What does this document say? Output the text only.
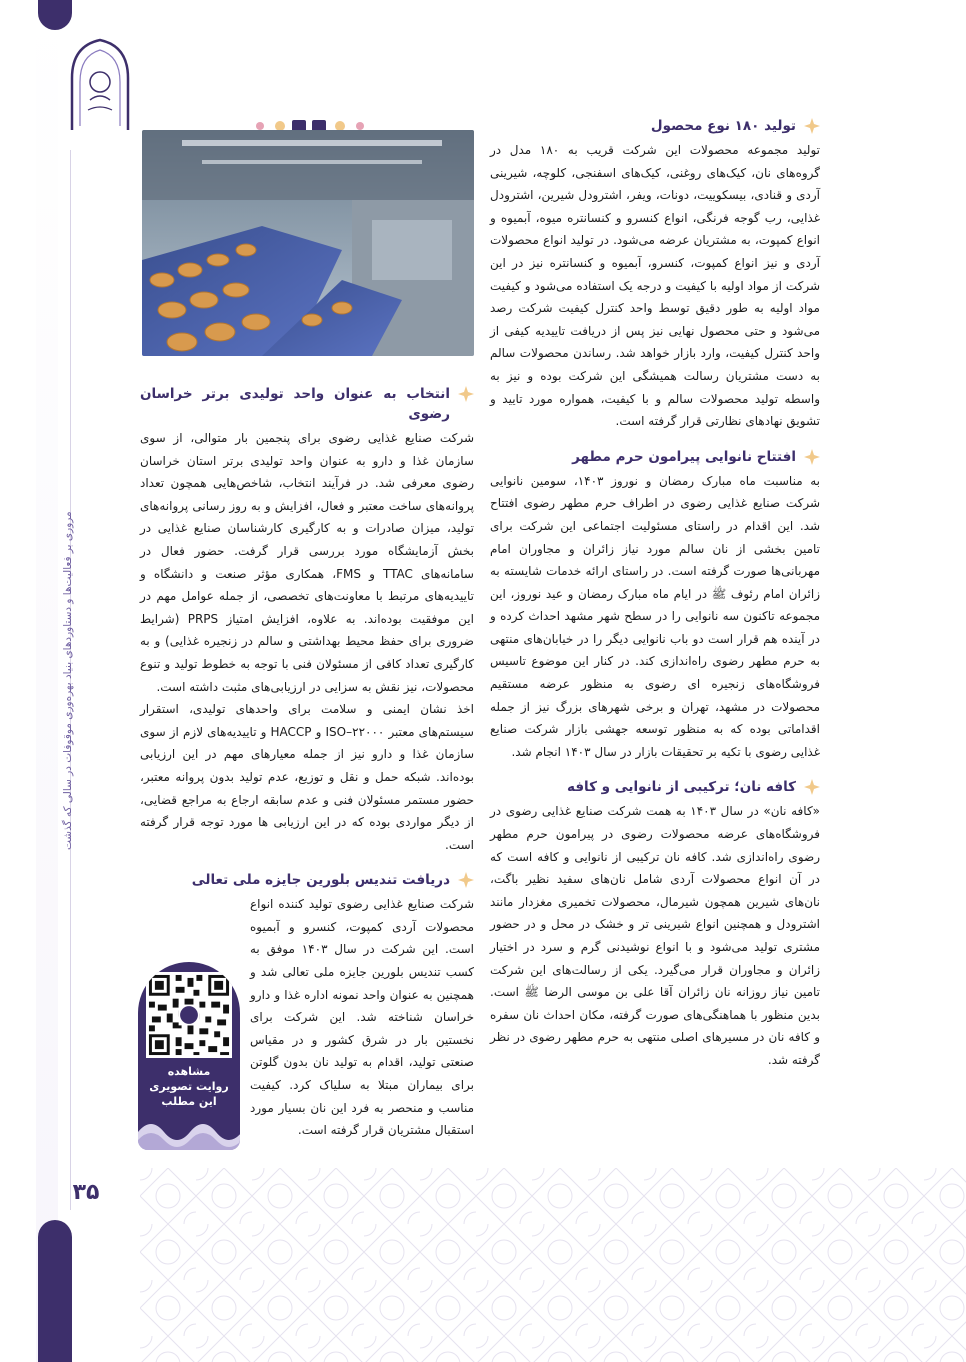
مروری بر فعالیت‌ها و دستاوردهای بنیاد بهره‌وری موقوفات در سالی که گذشت
۳۵
تولید ۱۸۰ نوع محصول

تولید مجموعه محصولات این شرکت قریب به ۱۸۰ مدل در گروه‌های نان، کیک‌های روغنی، کیک‌های اسفنجی، کلوچه، شیرینی آردی و قنادی، بیسکوییت، دونات، ویفر، اشترودل شیرین، اشترودل غذایی، رب گوجه فرنگی، انواع کنسرو و کنسانتره میوه، آبمیوه و انواع کمپوت، به مشتریان عرضه می‌شود. در تولید انواع محصولات آردی و نیز انواع کمپوت، کنسرو، آبمیوه و کنسانتره نیز در این شرکت از مواد اولیه با کیفیت و درجه یک استفاده می‌شود و کیفیت مواد اولیه به طور دقیق توسط واحد کنترل کیفیت شرکت رصد می‌شود و حتی محصول نهایی نیز پس از دریافت تاییدیه کیفی از واحد کنترل کیفیت، وارد بازار خواهد شد. رساندن محصولات سالم به دست مشتریان رسالت همیشگی این شرکت بوده و نیز به واسطه تولید محصولات سالم و با کیفیت، همواره مورد تایید و تشویق نهادهای نظارتی قرار گرفته است.

افتتاح نانوایی پیرامون حرم مطهر

به مناسبت ماه مبارک رمضان و نوروز ۱۴۰۳، سومین نانوایی شرکت صنایع غذایی رضوی در اطراف حرم مطهر رضوی افتتاح شد. این اقدام در راستای مسئولیت اجتماعی این شرکت برای تامین بخشی از نان سالم مورد نیاز زائران و مجاوران امام مهربانی‌ها صورت گرفته است. در راستای ارائه خدمات شایسته به زائران امام رئوف ﷺ در ایام ماه مبارک رمضان و عید نوروز، این مجموعه تاکنون سه نانوایی را در سطح شهر مشهد احداث کرده و در آینده هم قرار است دو باب نانوایی دیگر را در خیابان‌های منتهی به حرم مطهر رضوی راه‌اندازی کند. در کنار این موضوع تاسیس فروشگاه‌های زنجیره ای رضوی به منظور عرضه مستقیم محصولات در مشهد، تهران و برخی شهرهای بزرگ نیز از جمله اقداماتی بوده که به منظور توسعه جهشی بازار شرکت صنایع غذایی رضوی با تکیه بر تحقیقات بازار در سال ۱۴۰۳ انجام شد.

کافه نان؛ ترکیبی از نانوایی و کافه

«کافه نان» در سال ۱۴۰۳ به همت شرکت صنایع غذایی رضوی در فروشگاه‌های عرضه محصولات رضوی در پیرامون حرم مطهر رضوی راه‌اندازی شد. کافه نان ترکیبی از نانوایی و کافه است که در آن انواع محصولات آردی شامل نان‌های سفید نظیر باگت، نان‌های شیرین همچون شیرمال، محصولات تخمیری مغزدار مانند اشترودل و همچنین انواع شیرینی تر و خشک در محل و در حضور مشتری تولید می‌شود و با انواع نوشیدنی گرم و سرد در اختیار زائران و مجاوران قرار می‌گیرد. یکی از رسالت‌های این شرکت تامین نیاز روزانه نان زائران آقا علی بن موسی الرضا ﷺ است. بدین منظور با هماهنگی‌های صورت گرفته، مکان احداث نان سفره و کافه نان در مسیرهای اصلی منتهی به حرم مطهر رضوی در نظر گرفته شد.

انتخاب به عنوان واحد تولیدی برتر خراسان رضوی

شرکت صنایع غذایی رضوی برای پنجمین بار متوالی، از سوی سازمان غذا و دارو به عنوان واحد تولیدی برتر استان خراسان رضوی معرفی شد. در فرآیند انتخاب، شاخص‌هایی همچون تعداد پروانه‌های ساخت معتبر و فعال، افزایش و به روز رسانی پروانه‌های تولید، میزان صادرات و به کارگیری کارشناسان صنایع غذایی در بخش آزمایشگاه مورد بررسی قرار گرفت. حضور فعال در سامانه‌های TTAC و FMS، همکاری مؤثر صنعت و دانشگاه و تاییدیه‌های مرتبط با معاونت‌های تخصصی، از جمله عوامل مهم در این موفقیت بوده‌اند. به علاوه، افزایش امتیاز PRPS (شرایط ضروری برای حفظ محیط بهداشتی و سالم در زنجیره غذایی) و به کارگیری تعداد کافی از مسئولان فنی با توجه به خطوط تولید و تنوع محصولات، نیز نقش به سزایی در ارزیابی‌های مثبت داشته است.

اخذ نشان ایمنی و سلامت برای واحدهای تولیدی، استقرار سیستم‌های معتبر ISO–۲۲۰۰۰ و HACCP و تاییدیه‌های لازم از سوی سازمان غذا و دارو نیز از جمله معیارهای مهم در این ارزیابی بوده‌اند. شبکه حمل و نقل و توزیع، عدم تولید بدون پروانه معتبر، حضور مستمر مسئولان فنی و عدم سابقه ارجاع به مراجع قضایی، از دیگر مواردی بوده که در این ارزیابی ها مورد توجه قرار گرفته است.

دریافت تندیس بلورین جایزه ملی تعالی

شرکت صنایع غذایی رضوی تولید کننده انواع محصولات آردی کمپوت، کنسرو و آبمیوه است. این شرکت در سال ۱۴۰۳ موفق به کسب تندیس بلورین جایزه ملی تعالی شد و همچنین به عنوان واحد نمونه اداره غذا و دارو خراسان شناخته شد. این شرکت برای نخستین بار در شرق کشور و در مقیاس صنعتی تولید، اقدام به تولید نان بدون گلوتن برای بیماران مبتلا به سلیاک کرد. کیفیت مناسب و منحصر به فرد این نان بسیار مورد استقبال مشتریان قرار گرفته است.

مشاهده
روایت تصویری
این مطلب
